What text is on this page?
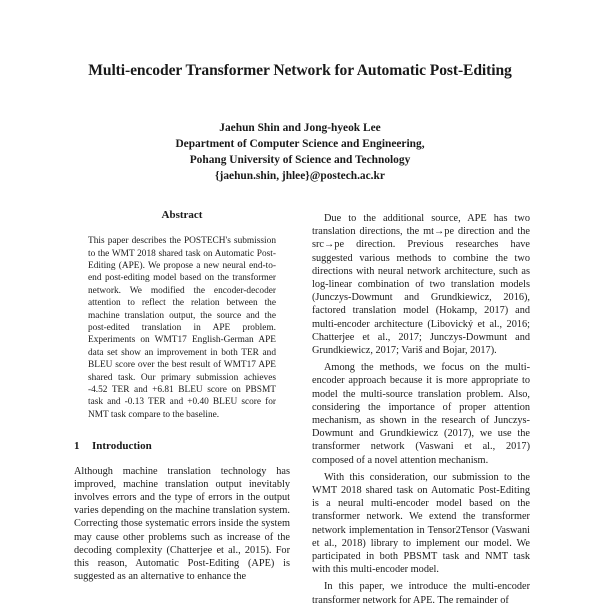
Multi-encoder Transformer Network for Automatic Post-Editing
Jaehun Shin and Jong-hyeok Lee
Department of Computer Science and Engineering,
Pohang University of Science and Technology
{jaehun.shin, jhlee}@postech.ac.kr
Abstract

This paper describes the POSTECH's submission to the WMT 2018 shared task on Automatic Post-Editing (APE). We propose a new neural end-to-end post-editing model based on the transformer network. We modified the encoder-decoder attention to reflect the relation between the machine translation output, the source and the post-edited translation in APE problem. Experiments on WMT17 English-German APE data set show an improvement in both TER and BLEU score over the best result of WMT17 APE shared task. Our primary submission achieves -4.52 TER and +6.81 BLEU score on PBSMT task and -0.13 TER and +0.40 BLEU score for NMT task compare to the baseline.

1 Introduction

Although machine translation technology has improved, machine translation output inevitably involves errors and the type of errors in the output varies depending on the machine translation system. Correcting those systematic errors inside the system may cause other problems such as increase of the decoding complexity (Chatterjee et al., 2015). For this reason, Automatic Post-Editing (APE) is suggested as an alternative to enhance the

Due to the additional source, APE has two translation directions, the mt→pe direction and the src→pe direction. Previous researches have suggested various methods to combine the two directions with neural network architecture, such as log-linear combination of two translation models (Junczys-Dowmunt and Grundkiewicz, 2016), factored translation model (Hokamp, 2017) and multi-encoder architecture (Libovický et al., 2016; Chatterjee et al., 2017; Junczys-Dowmunt and Grundkiewicz, 2017; Variš and Bojar, 2017).

Among the methods, we focus on the multi-encoder approach because it is more appropriate to model the multi-source translation problem. Also, considering the importance of proper attention mechanism, as shown in the research of Junczys-Dowmunt and Grundkiewicz (2017), we use the transformer network (Vaswani et al., 2017) composed of a novel attention mechanism.

With this consideration, our submission to the WMT 2018 shared task on Automatic Post-Editing is a neural multi-encoder model based on the transformer network. We extend the transformer network implementation in Tensor2Tensor (Vaswani et al., 2018) library to implement our model. We participated in both PBSMT task and NMT task with this multi-encoder model.

In this paper, we introduce the multi-encoder transformer network for APE. The remainder of
